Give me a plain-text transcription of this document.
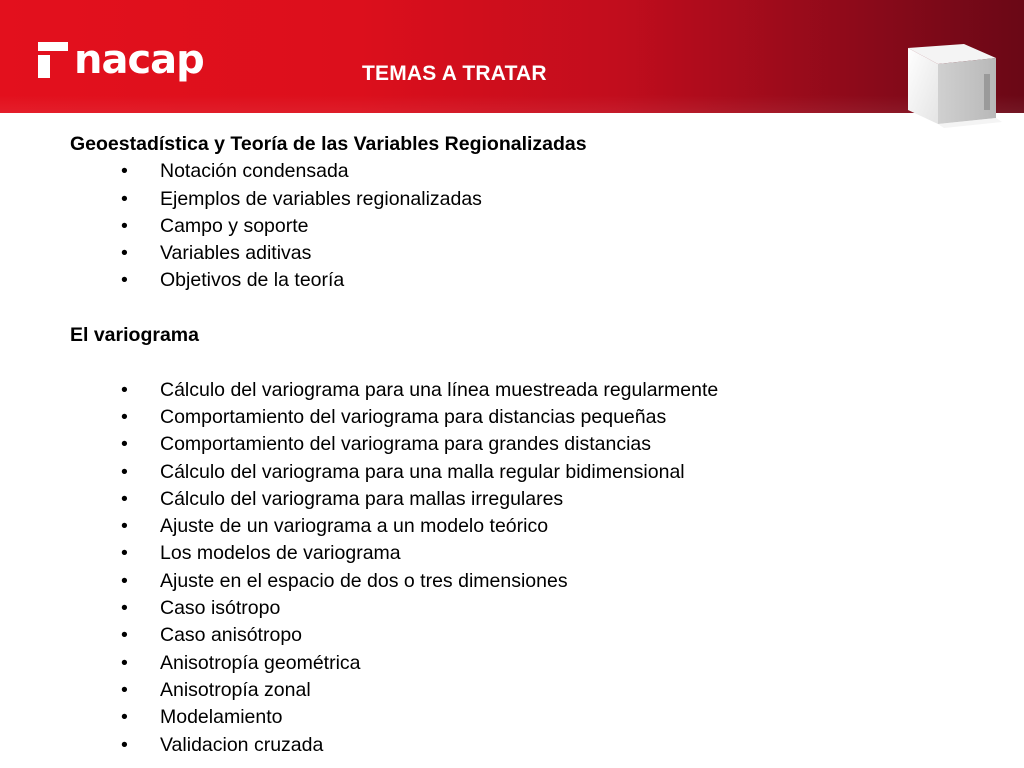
nacap	TEMAS A TRATAR

Geoestadística y Teoría de las Variables Regionalizadas

• Notación condensada
• Ejemplos de variables regionalizadas
• Campo y soporte
• Variables aditivas
• Objetivos de la teoría

El variograma

• Cálculo del variograma para una línea muestreada regularmente
• Comportamiento del variograma para distancias pequeñas
• Comportamiento del variograma para grandes distancias
• Cálculo del variograma para una malla regular bidimensional
• Cálculo del variograma para mallas irregulares
• Ajuste de un variograma a un modelo teórico
• Los modelos de variograma
• Ajuste en el espacio de dos o tres dimensiones
• Caso isótropo
• Caso anisótropo
• Anisotropía geométrica
• Anisotropía zonal
• Modelamiento
• Validacion cruzada
